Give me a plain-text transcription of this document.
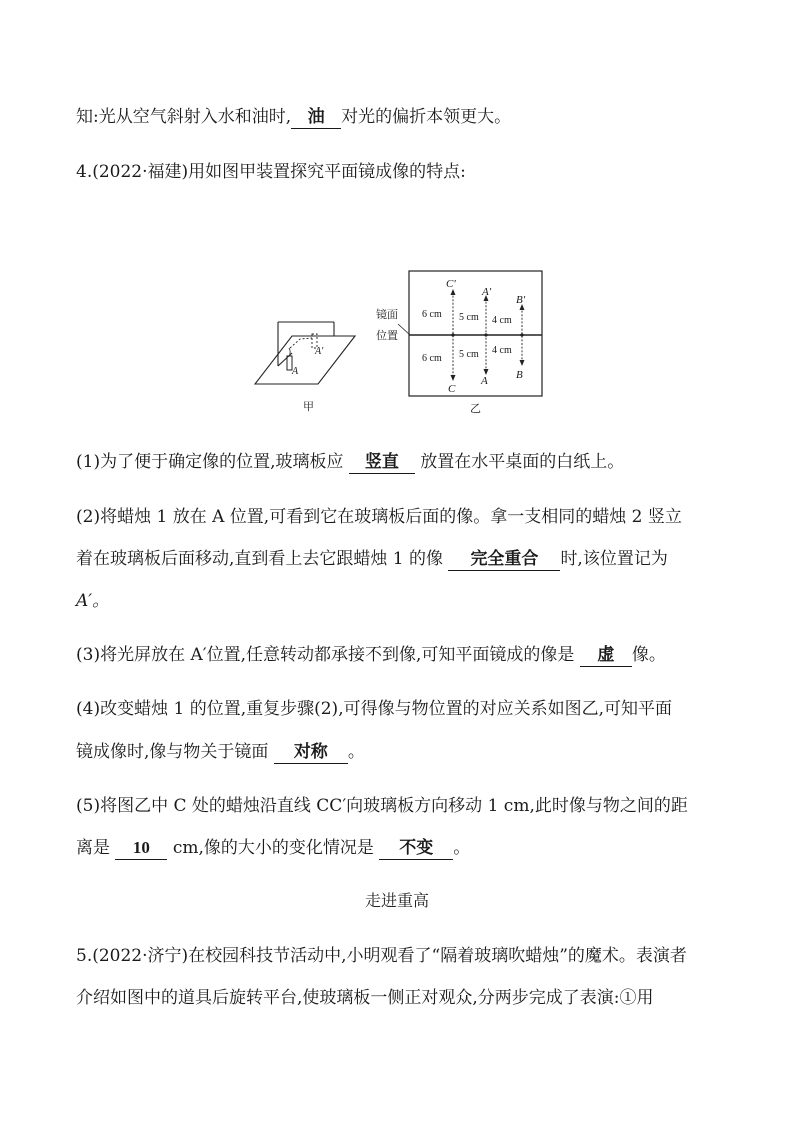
知:光从空气斜射入水和油时, 油 对光的偏折本领更大。
4.(2022·福建)用如图甲装置探究平面镜成像的特点:
A
A′
甲
镜面
位置
C′
C
6 cm
6 cm
A′
A
5 cm
5 cm
B′
B
4 cm
4 cm
乙
(1)为了便于确定像的位置,玻璃板应 竖直 放置在水平桌面的白纸上。
(2)将蜡烛 1 放在 A 位置,可看到它在玻璃板后面的像。拿一支相同的蜡烛 2 竖立
着在玻璃板后面移动,直到看上去它跟蜡烛 1 的像 完全重合 时,该位置记为
A′。
(3)将光屏放在 A′位置,任意转动都承接不到像,可知平面镜成的像是 虚 像。
(4)改变蜡烛 1 的位置,重复步骤(2),可得像与物位置的对应关系如图乙,可知平面
镜成像时,像与物关于镜面 对称 。
(5)将图乙中 C 处的蜡烛沿直线 CC′向玻璃板方向移动 1 cm,此时像与物之间的距
离是 10 cm,像的大小的变化情况是 不变 。
走进重高
5.(2022·济宁)在校园科技节活动中,小明观看了“隔着玻璃吹蜡烛”的魔术。表演者
介绍如图中的道具后旋转平台,使玻璃板一侧正对观众,分两步完成了表演:①用
